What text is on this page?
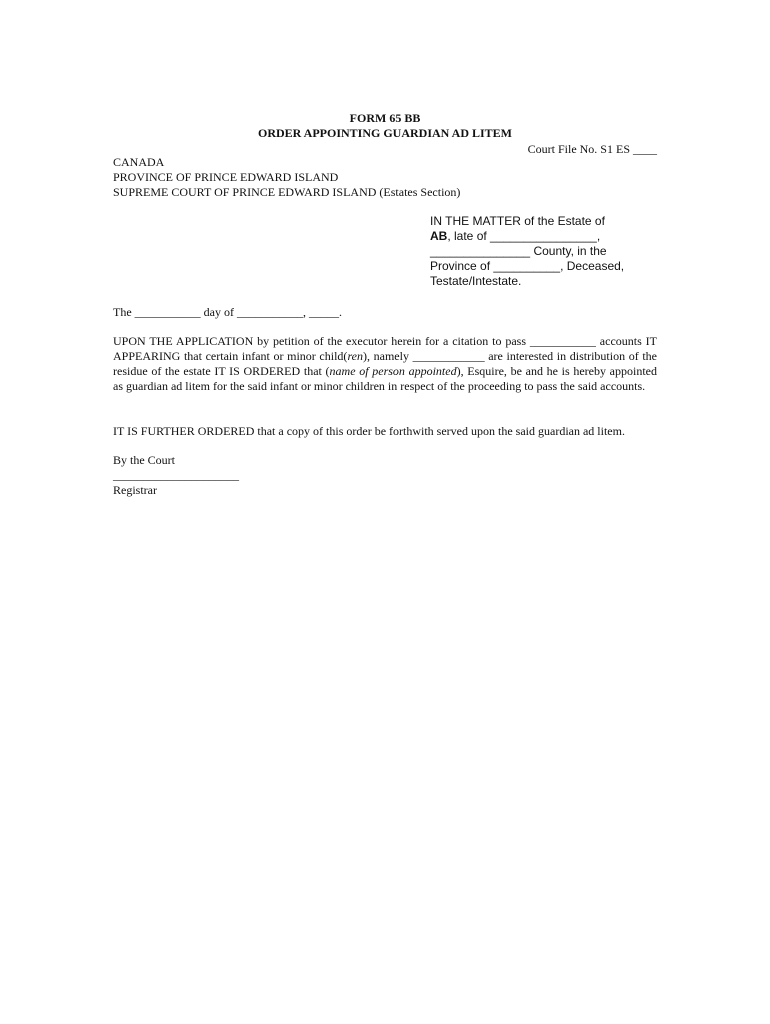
FORM 65 BB
ORDER APPOINTING GUARDIAN AD LITEM
Court File No. S1 ES ____
CANADA
PROVINCE OF PRINCE EDWARD ISLAND
SUPREME COURT OF PRINCE EDWARD ISLAND (Estates Section)
IN THE MATTER of the Estate of
AB, late of ________________,
_______________ County, in the
Province of __________, Deceased,
Testate/Intestate.
The ___________ day of ___________, _____.
UPON THE APPLICATION by petition of the executor herein for a citation to pass ___________ accounts IT APPEARING that certain infant or minor child(ren), namely ____________ are interested in distribution of the residue of the estate IT IS ORDERED that (name of person appointed), Esquire, be and he is hereby appointed as guardian ad litem for the said infant or minor children in respect of the proceeding to pass the said accounts.
IT IS FURTHER ORDERED that a copy of this order be forthwith served upon the said guardian ad litem.
By the Court
_____________________
Registrar
